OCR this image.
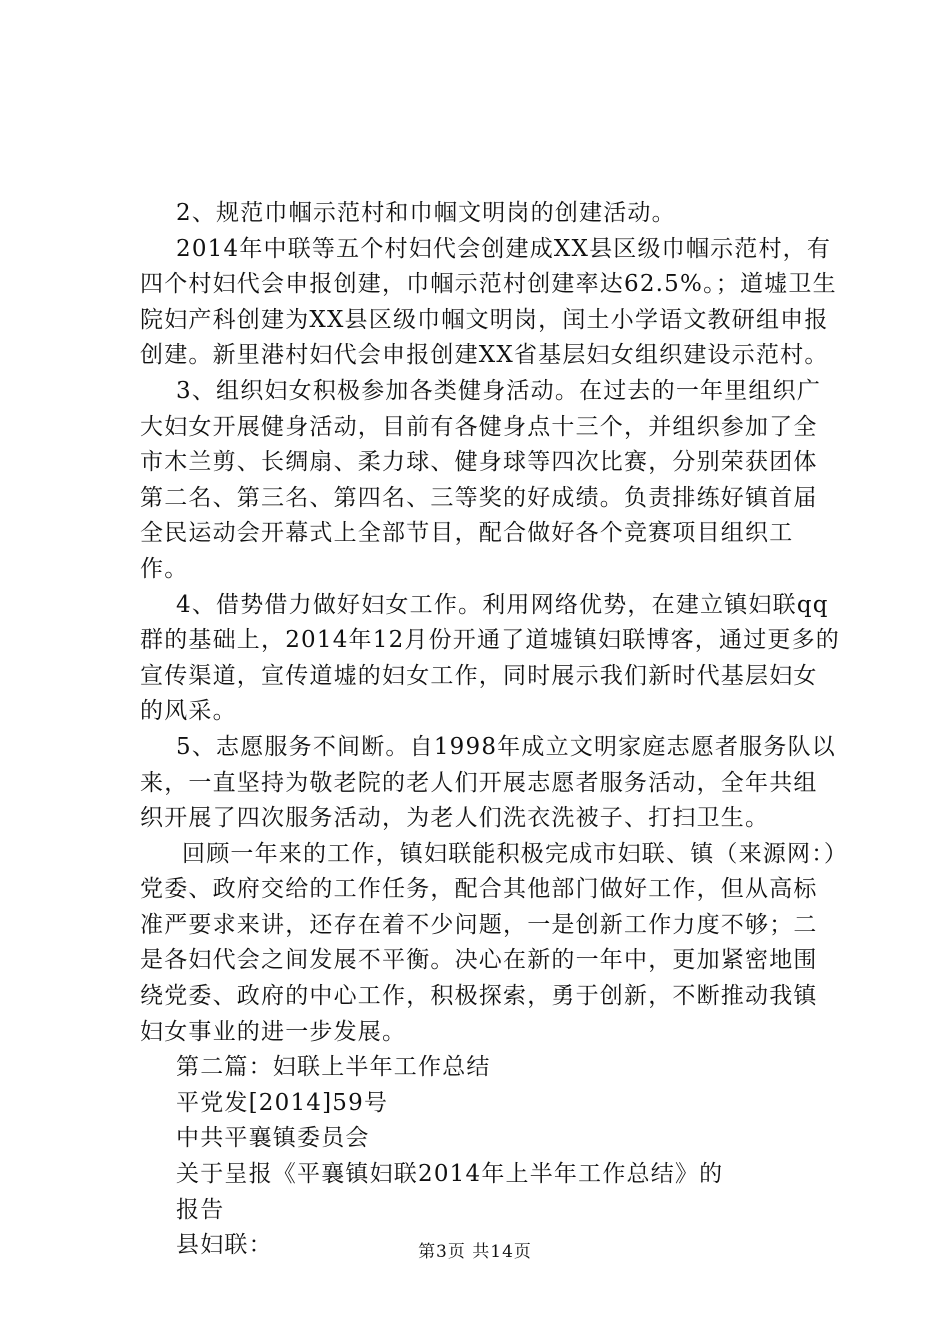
2、规范巾帼示范村和巾帼文明岗的创建活动。

2014年中联等五个村妇代会创建成XX县区级巾帼示范村，有四个村妇代会申报创建，巾帼示范村创建率达62.5%。；道墟卫生院妇产科创建为XX县区级巾帼文明岗，闰土小学语文教研组申报创建。新里港村妇代会申报创建XX省基层妇女组织建设示范村。

3、组织妇女积极参加各类健身活动。在过去的一年里组织广大妇女开展健身活动，目前有各健身点十三个，并组织参加了全市木兰剪、长绸扇、柔力球、健身球等四次比赛，分别荣获团体第二名、第三名、第四名、三等奖的好成绩。负责排练好镇首届全民运动会开幕式上全部节目，配合做好各个竞赛项目组织工作。

4、借势借力做好妇女工作。利用网络优势，在建立镇妇联qq群的基础上，2014年12月份开通了道墟镇妇联博客，通过更多的宣传渠道，宣传道墟的妇女工作，同时展示我们新时代基层妇女的风采。

5、志愿服务不间断。自1998年成立文明家庭志愿者服务队以来，一直坚持为敬老院的老人们开展志愿者服务活动，全年共组织开展了四次服务活动，为老人们洗衣洗被子、打扫卫生。

回顾一年来的工作，镇妇联能积极完成市妇联、镇（来源网：）党委、政府交给的工作任务，配合其他部门做好工作，但从高标准严要求来讲，还存在着不少问题，一是创新工作力度不够；二是各妇代会之间发展不平衡。决心在新的一年中，更加紧密地围绕党委、政府的中心工作，积极探索，勇于创新，不断推动我镇妇女事业的进一步发展。

第二篇：妇联上半年工作总结

平党发[2014]59号

中共平襄镇委员会

关于呈报《平襄镇妇联2014年上半年工作总结》的

报告

县妇联：	第3页 共14页
